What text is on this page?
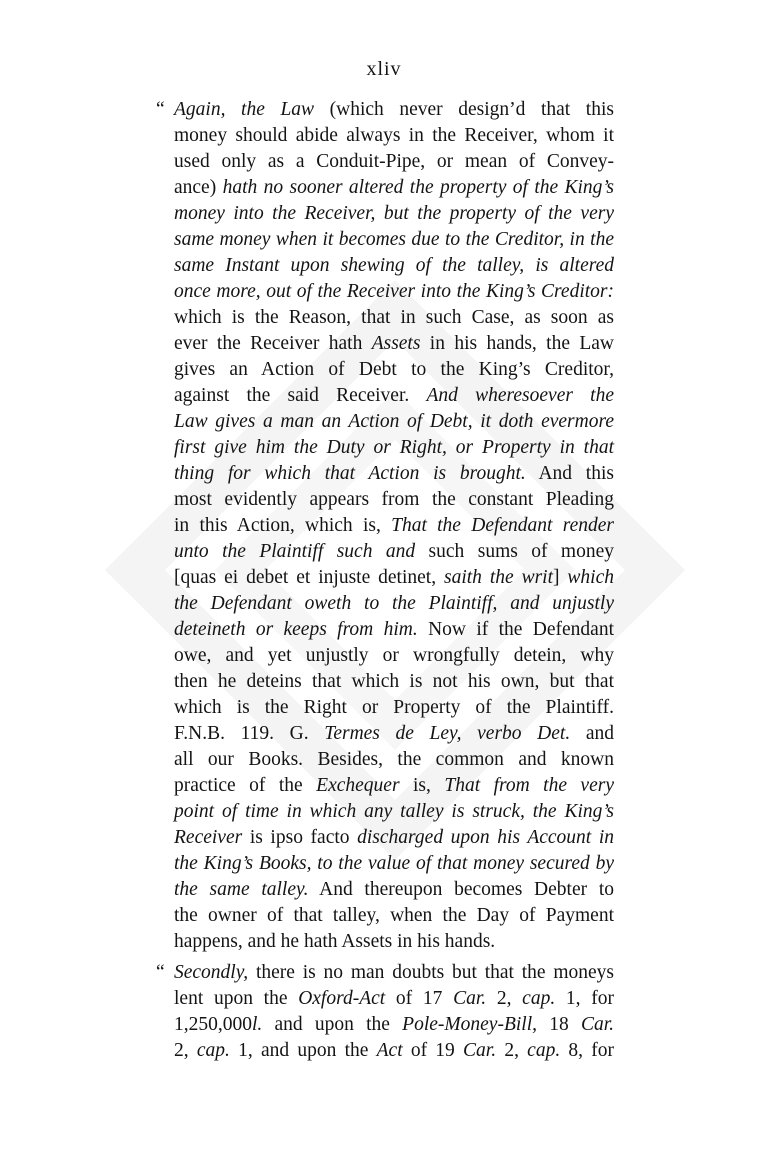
xliv
“ Again, the Law (which never design’d that this
money should abide always in the Receiver, whom it
used only as a Conduit-Pipe, or mean of Convey-
ance) hath no sooner altered the property of the King’s
money into the Receiver, but the property of the very
same money when it becomes due to the Creditor, in the
same Instant upon shewing of the talley, is altered
once more, out of the Receiver into the King’s Creditor:
which is the Reason, that in such Case, as soon as
ever the Receiver hath Assets in his hands, the Law
gives an Action of Debt to the King’s Creditor,
against the said Receiver. And wheresoever the
Law gives a man an Action of Debt, it doth evermore
first give him the Duty or Right, or Property in that
thing for which that Action is brought. And this
most evidently appears from the constant Pleading
in this Action, which is, That the Defendant render
unto the Plaintiff such and such sums of money
[quas ei debet et injuste detinet, saith the writ] which
the Defendant oweth to the Plaintiff, and unjustly
deteineth or keeps from him. Now if the Defendant
owe, and yet unjustly or wrongfully detein, why
then he deteins that which is not his own, but that
which is the Right or Property of the Plaintiff.
F.N.B. 119. G. Termes de Ley, verbo Det. and
all our Books. Besides, the common and known
practice of the Exchequer is, That from the very
point of time in which any talley is struck, the King’s
Receiver is ipso facto discharged upon his Account in
the King’s Books, to the value of that money secured by
the same talley. And thereupon becomes Debter to
the owner of that talley, when the Day of Payment
happens, and he hath Assets in his hands.
“ Secondly, there is no man doubts but that the moneys
lent upon the Oxford-Act of 17 Car. 2, cap. 1, for
1,250,000l. and upon the Pole-Money-Bill, 18 Car.
2, cap. 1, and upon the Act of 19 Car. 2, cap. 8, for
